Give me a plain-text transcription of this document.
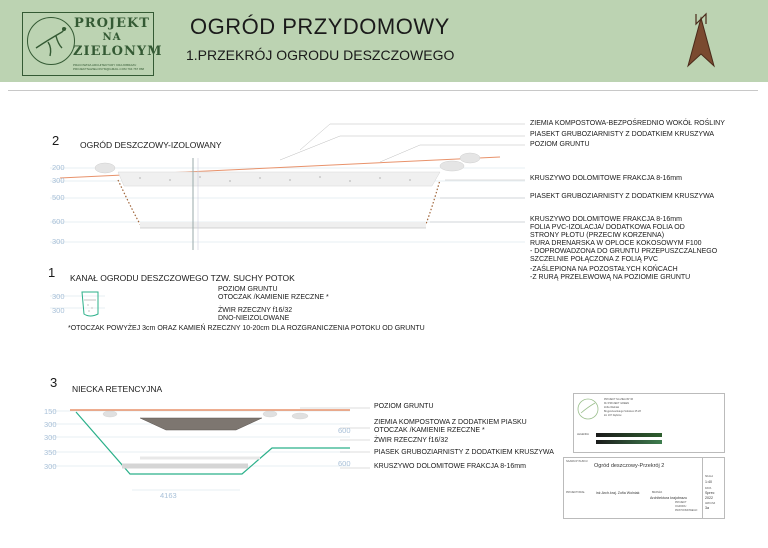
PROJEKT
NA
ZIELONYM
PRACOWNIA ARCHITEKTURY KRAJOBRAZU PROJEKTNAZIELONYM@GMAIL.COM 794 767 868
OGRÓD PRZYDOMOWY
1.PRZEKRÓJ OGRODU DESZCZOWEGO
2 OGRÓD DESZCZOWY-IZOLOWANY
200
300
500
600
300
ZIEMIA KOMPOSTOWA-BEZPOŚREDNIO WOKÓŁ ROŚLINY
PIASEKT GRUBOZIARNISTY Z DODATKIEM KRUSZYWA
POZIOM GRUNTU
KRUSZYWO DOLOMITOWE FRAKCJA 8-16mm
PIASEKT GRUBOZIARNISTY Z DODATKIEM KRUSZYWA
KRUSZYWO DOLOMITOWE FRAKCJA 8-16mm
FOLIA PVC-IZOLACJA/ DODATKOWA FOLIA OD
STRONY PŁOTU (PRZECIW KORZENNA)
RURA DRENARSKA W OPLOCE KOKOSOWYM F100
- DOPROWADZONA DO GRUNTU PRZEPUSZCZALNEGO
SZCZELNIE POŁĄCZONA Z FOLIĄ PVC
-ZAŚLEPIONA NA POZOSTAŁYCH KOŃCACH
-Z RURĄ PRZELEWOWĄ NA POZIOMIE GRUNTU
1 KANAŁ OGRODU DESZCZOWEGO TZW. SUCHY POTOK
300
300
POZIOM GRUNTU
OTOCZAK /KAMIENIE RZECZNE *
ŻWIR RZECZNY f16/32
DNO-NIEIZOLOWANE
*OTOCZAK POWYŻEJ 3cm ORAZ KAMIEŃ RZECZNY 10-20cm DLA ROZGRANICZENIA POTOKU OD GRUNTU
3 NIECKA RETENCYJNA
150
300
300
350
300
600
600
4163
POZIOM GRUNTU
ZIEMIA KOMPOSTOWA Z DODATKIEM PIASKU
OTOCZAK /KAMIENIE RZECZNE *
ŻWIR RZECZNY f16/32
PIASEK GRUBOZIARNISTY Z DODATKIEM KRUSZYWA
KRUSZYWO DOLOMITOWE FRAKCJA 8-16mm
PROJEKT NA ZIELONYM
MJ PROJEKT GREEN
Zofia Walniak
Bręgoszewskiego Sobolew 25 28
kin 197 Dąbrów
LEGENDA
NAZWA RYSUNKU
Ogród deszczowy-Przekrój 2
PROJEKTOWAŁ	inż.Arch.kraj. Zofia Wolniak	BRANŻA
Architektura krajobrazu
PROJEKT
OGRODU
PRZYDOMOWEGO
SKALA
1:40
DATA
Sprec
2022
ARKUSZ
3a
